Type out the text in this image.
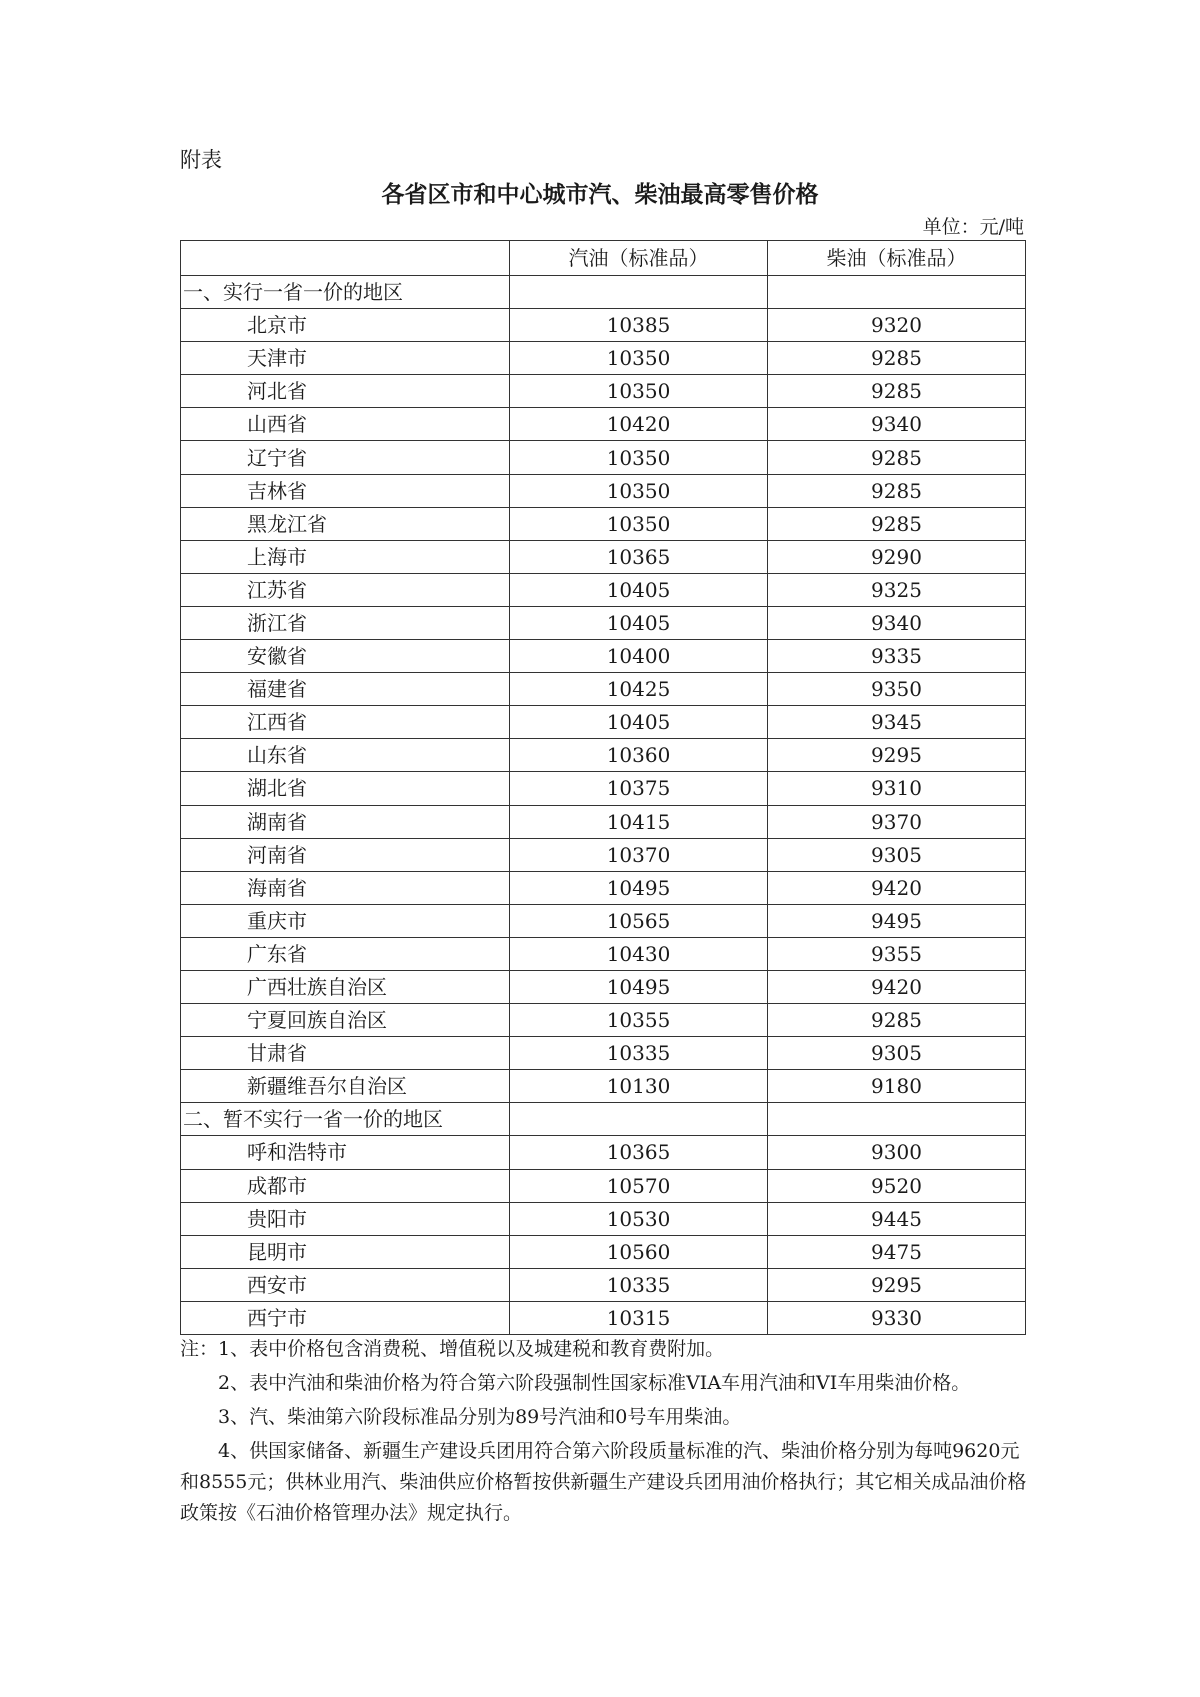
附表
各省区市和中心城市汽、柴油最高零售价格
单位：元/吨
	汽油（标准品）	柴油（标准品）
一、实行一省一价的地区		
北京市	10385	9320
天津市	10350	9285
河北省	10350	9285
山西省	10420	9340
辽宁省	10350	9285
吉林省	10350	9285
黑龙江省	10350	9285
上海市	10365	9290
江苏省	10405	9325
浙江省	10405	9340
安徽省	10400	9335
福建省	10425	9350
江西省	10405	9345
山东省	10360	9295
湖北省	10375	9310
湖南省	10415	9370
河南省	10370	9305
海南省	10495	9420
重庆市	10565	9495
广东省	10430	9355
广西壮族自治区	10495	9420
宁夏回族自治区	10355	9285
甘肃省	10335	9305
新疆维吾尔自治区	10130	9180
二、暂不实行一省一价的地区		
呼和浩特市	10365	9300
成都市	10570	9520
贵阳市	10530	9445
昆明市	10560	9475
西安市	10335	9295
西宁市	10315	9330

注：1、表中价格包含消费税、增值税以及城建税和教育费附加。

2、表中汽油和柴油价格为符合第六阶段强制性国家标准VIA车用汽油和VI车用柴油价格。

3、汽、柴油第六阶段标准品分别为89号汽油和0号车用柴油。

4、供国家储备、新疆生产建设兵团用符合第六阶段质量标准的汽、柴油价格分别为每吨9620元和8555元；供林业用汽、柴油供应价格暂按供新疆生产建设兵团用油价格执行；其它相关成品油价格政策按《石油价格管理办法》规定执行。
